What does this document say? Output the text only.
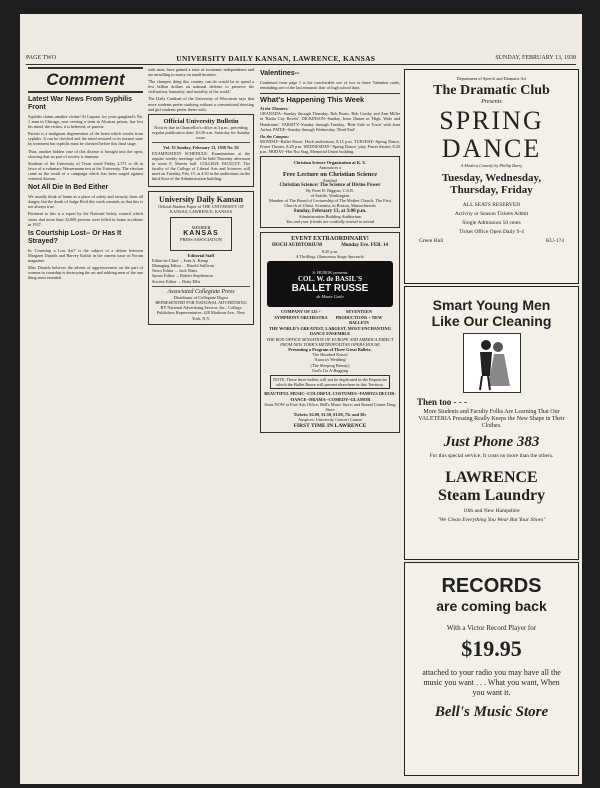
PAGE TWO	UNIVERSITY DAILY KANSAN, LAWRENCE, KANSAS	SUNDAY, FEBRUARY 13, 1938
Comment
Latest War News From Syphilis Front

Syphilis claims another victim! At Capone, for years gangland's No. 1 man in Chicago, now serving a term in Alcatraz prison, has lost his mind; the victim, it is believed, of paresis.

Paresis is a malignant degeneration of the brain which results from syphilis. It can be checked and the mind restored to its normal state by treatment but syphilis must be checked before this final stage.

Thus, another hidden case of this disease is brought into the open, showing that no part of society is immune.

Students of the University of Texas voted Friday 2,371 to 46 in favor of a voluntary Wassermann test at the University. The election came as the result of a campaign which has been waged against venereal disease.

Not All Die In Bed Either

We usually think of home as a place of safety and security from all danger, but the death of Judge Reid this week reminds us that this is not always true.

Pertinent to this is a report by the National Safety council which states that more than 32,000 persons were killed in home accidents in 1937.

Is Courtship Lost-- Or Has It Strayed?

In 'Courtship a Lost Art?' is the subject of a debate between Margaret Daniels and Harvey Kolish in the current issue of Forum magazine.

Miss Daniels believes the advent of aggressiveness on the part of women in courtship is destroying the art and robbing men of the one thing most essential.

with men; have gained a taste of economic independence and are unwilling to marry on small incomes.

'The cheapest thing this country can do would be to spend a few billion dollars on national defense to preserve the civilization, humanity, and morality of the world.'

The Daily Cardinal of the University of Wisconsin says that more students prefer studying without a conventional dressing and girl students prefer theirs with.

Official University Bulletin
Notices due in Chancellor's office at 4 p.m., preceding regular publication date; 10:30 a.m. Saturday for Sunday issue.
Vol. 35 Sunday, February 13, 1938 No. 92

EXAMINATION SCHEDULE: Examinations at the regular weekly meetings will be held Thursday afternoon in room 9, Marvin hall. COLLEGE FACULTY: The faculty of the College of Liberal Arts and Sciences will meet on Tuesday, Feb. 15, at 4:30 in the auditorium on the third floor of the Administration building.

University Daily Kansan
Official Student Paper of THE UNIVERSITY OF KANSAS, LAWRENCE, KANSAS
MEMBER
KANSAS
PRESS ASSOCIATION
Editorial Staff
Editor-in-Chief ... Ivan A. Kemp
Managing Editor ... Harold Sullivan
News Editor ... Jack Watts
Sports Editor ... Robert Stephenson
Society Editor ... Betty Ellis
Associated Collegiate Press
Distributor of Collegiate Digest
REPRESENTED FOR NATIONAL ADVERTISING BY National Advertising Service, Inc., College Publishers Representative, 420 Madison Ave., New York, N.Y.
Valentines--

Continued from page 1 is the comfortable use of two or three Valentine cards, reminding one of the last romantic flair of high school days.

What's Happening This Week
At the Theaters:

GRANADA--Sunday through Thursday, Bob Burns, Bob Crosby and Ann Miller in 'Radio City Revels'. DICKINSON--Sunday, Irene Dunne in 'High, Wide and Handsome'. VARSITY--Sunday through Tuesday, 'Ride Side to Town' with Jean Arthur. PATEE--Sunday through Wednesday, 'Dead End'.

On the Campus:

MONDAY--Ballet Russe, Hoch auditorium, 8:15 p.m. TUESDAY--Spring Dance, Fraser Theater, 8:20 p.m. WEDNESDAY--'Spring Dance,' play. Fraser theater, 8:20 p.m. FRIDAY--Hot Nut Stag, Memorial Union building.

Christian Science Organization at K. U.
Announces a
Free Lecture on Christian Science
Entitled
Christian Science: The Science of Divine Power
By Peter B. Biggins, C.S.B.
of Seattle, Washington
Member of The Board of Lectureship of The Mother Church, The First Church of Christ, Scientist, in Boston, Massachusetts
Sunday, February 13, at 3:00 p.m.
Administration Building Auditorium
You and your friends are cordially invited to attend
EVENT EXTRAORDINARY!
HOCH AUDITORIUM	Monday Eve. FEB. 14
8:20 p.m.
A Thrilling, Glamorous Stage Spectacle
S. HUROK presents
COL. W. de BASIL'S
BALLET RUSSE
de Monte Carlo
COMPANY OF 125 + SYMPHONY ORCHESTRA
SEVENTEEN PRODUCTIONS + NEW BALLETS
THE WORLD'S GREATEST, LARGEST, MOST ENCHANTING DANCE ENSEMBLE
THE BOX-OFFICE SENSATION OF EUROPE AND AMERICA DIRECT FROM NEW YORK'S METROPOLITAN OPERA HOUSE
Presenting a Program of Three Great Ballets:
'The Hundred Kisses'
'Aurora's Wedding'
(The Sleeping Beauty)
God's Go A-Begging
NOTE: These three ballets will not be duplicated in the Repertoire which the Ballet Russe will present elsewhere in this Territory.
BEAUTIFUL MUSIC--COLORFUL COSTUMES--FAMOUS DECOR--DANCE--DRAMA--COMEDY--GLAMOR
Seats NOW at Fine Arts Office; Bell's Music Store; and Round Corner Drug Store
Tickets: $2.00, $1.50, $1.00, 75c and 50c
Auspices: University Concert Course
FIRST TIME IN LAWRENCE
Department of Speech and Dramatic Art
The Dramatic Club
Presents
SPRING
DANCE
A Modern Comedy by Phillip Barry
Tuesday, Wednesday,
Thursday, Friday
ALL SEATS RESERVED
Activity or Season Tickets Admit
Single Admission 50 cents
Ticket Office Open Daily 9-4
Green Hall	KU-174
Smart Young Men
Like Our Cleaning
Then too - - -
More Students and Faculty Folks Are Learning That Our VALETERIA Pressing Really Keeps the New Shape in Their Clothes.
Just Phone 383
For this special service. It costs no more than the others.
LAWRENCE
Steam Laundry
10th and New Hampshire
"We Clean Everything You Wear But Your Shoes"
RECORDS
are coming back
With a Victor Record Player for
$19.95
attached to your radio you may have all the music you want . . . What you want, When you want it.
Bell's Music Store
